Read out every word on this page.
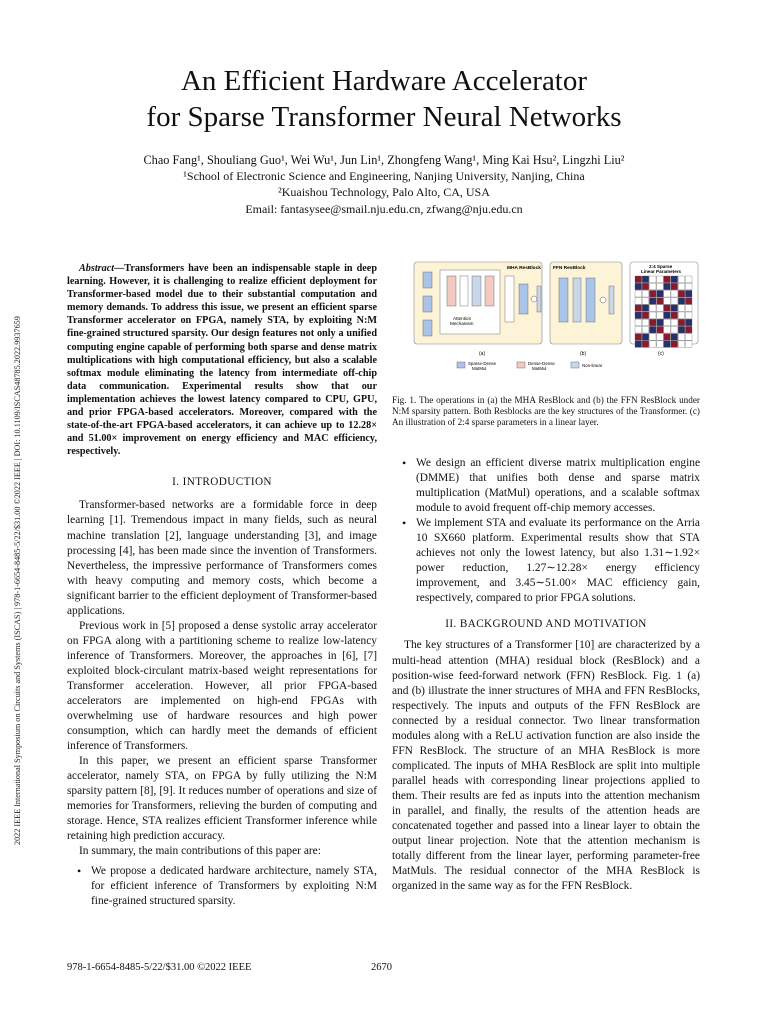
2022 IEEE International Symposium on Circuits and Systems (ISCAS) | 978-1-6654-8485-5/22/$31.00 ©2022 IEEE | DOI: 10.1109/ISCAS48785.2022.9937659
An Efficient Hardware Accelerator
for Sparse Transformer Neural Networks
Chao Fang¹, Shouliang Guo¹, Wei Wu¹, Jun Lin¹, Zhongfeng Wang¹, Ming Kai Hsu², Lingzhi Liu²
¹School of Electronic Science and Engineering, Nanjing University, Nanjing, China
²Kuaishou Technology, Palo Alto, CA, USA
Email: fantasysee@smail.nju.edu.cn, zfwang@nju.edu.cn

Abstract—Transformers have been an indispensable staple in deep learning. However, it is challenging to realize efficient deployment for Transformer-based model due to their substantial computation and memory demands. To address this issue, we present an efficient sparse Transformer accelerator on FPGA, namely STA, by exploiting N:M fine-grained structured sparsity. Our design features not only a unified computing engine capable of performing both sparse and dense matrix multiplications with high computational efficiency, but also a scalable softmax module eliminating the latency from intermediate off-chip data communication. Experimental results show that our implementation achieves the lowest latency compared to CPU, GPU, and prior FPGA-based accelerators. Moreover, compared with the state-of-the-art FPGA-based accelerators, it can achieve up to 12.28× and 51.00× improvement on energy efficiency and MAC efficiency, respectively.

I. INTRODUCTION

Transformer-based networks are a formidable force in deep learning [1]. Tremendous impact in many fields, such as neural machine translation [2], language understanding [3], and image processing [4], has been made since the invention of Transformers. Nevertheless, the impressive performance of Transformers comes with heavy computing and memory costs, which become a significant barrier to the efficient deployment of Transformer-based applications.

Previous work in [5] proposed a dense systolic array accelerator on FPGA along with a partitioning scheme to realize low-latency inference of Transformers. Moreover, the approaches in [6], [7] exploited block-circulant matrix-based weight representations for Transformer acceleration. However, all prior FPGA-based accelerators are implemented on high-end FPGAs with overwhelming use of hardware resources and high power consumption, which can hardly meet the demands of efficient inference of Transformers.

In this paper, we present an efficient sparse Transformer accelerator, namely STA, on FPGA by fully utilizing the N:M sparsity pattern [8], [9]. It reduces number of operations and size of memories for Transformers, relieving the burden of computing and storage. Hence, STA realizes efficient Transformer inference while retaining high prediction accuracy.

In summary, the main contributions of this paper are:

• We propose a dedicated hardware architecture, namely STA, for efficient inference of Transformers by exploiting N:M fine-grained structured sparsity.
MHA ResBlock
Attention
Mechanism
(a)
FFN ResBlock
(b)
2:4 Sparse
Linear Parameters
(c)
Sparse-Dense
MatMul
Dense-Dense
MatMul
Non-linear

Fig. 1. The operations in (a) the MHA ResBlock and (b) the FFN ResBlock under N:M sparsity pattern. Both Resblocks are the key structures of the Transformer. (c) An illustration of 2:4 sparse parameters in a linear layer.

• We design an efficient diverse matrix multiplication engine (DMME) that unifies both dense and sparse matrix multiplication (MatMul) operations, and a scalable softmax module to avoid frequent off-chip memory accesses.
• We implement STA and evaluate its performance on the Arria 10 SX660 platform. Experimental results show that STA achieves not only the lowest latency, but also 1.31∼1.92× power reduction, 1.27∼12.28× energy efficiency improvement, and 3.45∼51.00× MAC efficiency gain, respectively, compared to prior FPGA solutions.

II. BACKGROUND AND MOTIVATION

The key structures of a Transformer [10] are characterized by a multi-head attention (MHA) residual block (ResBlock) and a position-wise feed-forward network (FFN) ResBlock. Fig. 1 (a) and (b) illustrate the inner structures of MHA and FFN ResBlocks, respectively. The inputs and outputs of the FFN ResBlock are connected by a residual connector. Two linear transformation modules along with a ReLU activation function are also inside the FFN ResBlock. The structure of an MHA ResBlock is more complicated. The inputs of MHA ResBlock are split into multiple parallel heads with corresponding linear projections applied to them. Their results are fed as inputs into the attention mechanism in parallel, and finally, the results of the attention heads are concatenated together and passed into a linear layer to obtain the output linear projection. Note that the attention mechanism is totally different from the linear layer, performing parameter-free MatMuls. The residual connector of the MHA ResBlock is organized in the same way as for the FFN ResBlock.

978-1-6654-8485-5/22/$31.00 ©2022 IEEE	2670
